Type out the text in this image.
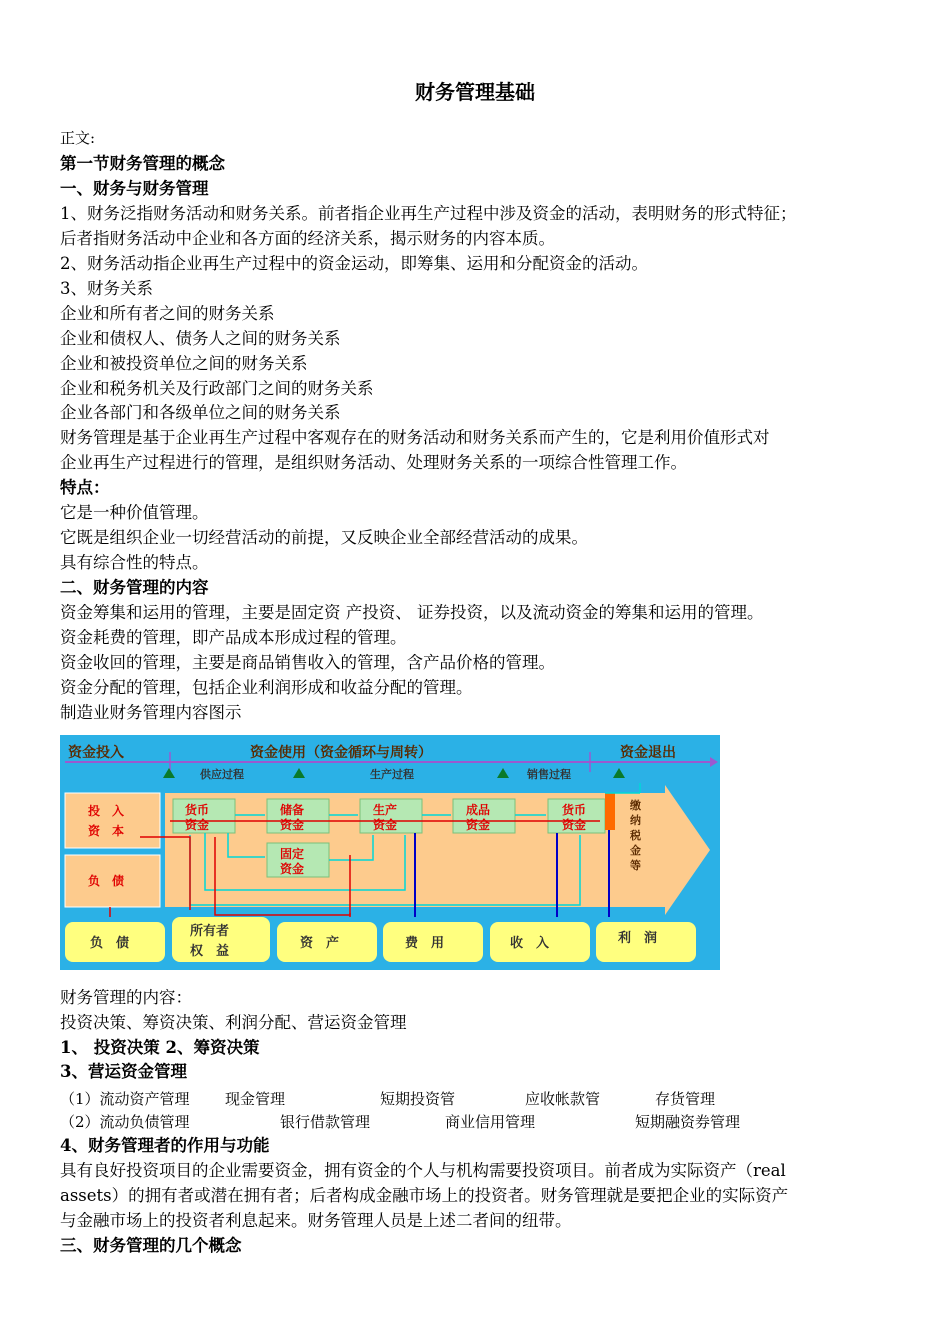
财务管理基础
正文:
第一节财务管理的概念
一、财务与财务管理
1、财务泛指财务活动和财务关系。前者指企业再生产过程中涉及资金的活动，表明财务的形式特征；
后者指财务活动中企业和各方面的经济关系，揭示财务的内容本质。
2、财务活动指企业再生产过程中的资金运动，即筹集、运用和分配资金的活动。
3、财务关系
企业和所有者之间的财务关系
企业和债权人、债务人之间的财务关系
企业和被投资单位之间的财务关系
企业和税务机关及行政部门之间的财务关系
企业各部门和各级单位之间的财务关系
财务管理是基于企业再生产过程中客观存在的财务活动和财务关系而产生的，它是利用价值形式对
企业再生产过程进行的管理，是组织财务活动、处理财务关系的一项综合性管理工作。
特点：
它是一种价值管理。
它既是组织企业一切经营活动的前提，又反映企业全部经营活动的成果。
具有综合性的特点。
二、财务管理的内容
资金筹集和运用的管理，主要是固定资 产投资、 证券投资，以及流动资金的筹集和运用的管理。
资金耗费的管理，即产品成本形成过程的管理。
资金收回的管理，主要是商品销售收入的管理，含产品价格的管理。
资金分配的管理，包括企业利润形成和收益分配的管理。
制造业财务管理内容图示
资金投入	资金使用（资金循环与周转）	资金退出
供应过程	生产过程	销售过程
投　入
资　本
负　债
货币
资金
储备
资金
生产
资金
成品
资金
货币
资金
固定
资金
缴
纳
税
金
等
负　债
所有者
权　益
资　产	费　用	收　入	利　润
财务管理的内容：
投资决策、筹资决策、利润分配、营运资金管理
1、 投资决策 2、筹资决策
3、营运资金管理
（1）流动资产管理 现金管理	短期投资管	应收帐款管	存货管理
（2）流动负债管理	银行借款管理	商业信用管理	短期融资券管理
4、财务管理者的作用与功能
具有良好投资项目的企业需要资金，拥有资金的个人与机构需要投资项目。前者成为实际资产（real
assets）的拥有者或潜在拥有者；后者构成金融市场上的投资者。财务管理就是要把企业的实际资产
与金融市场上的投资者利息起来。财务管理人员是上述二者间的纽带。
三、财务管理的几个概念
